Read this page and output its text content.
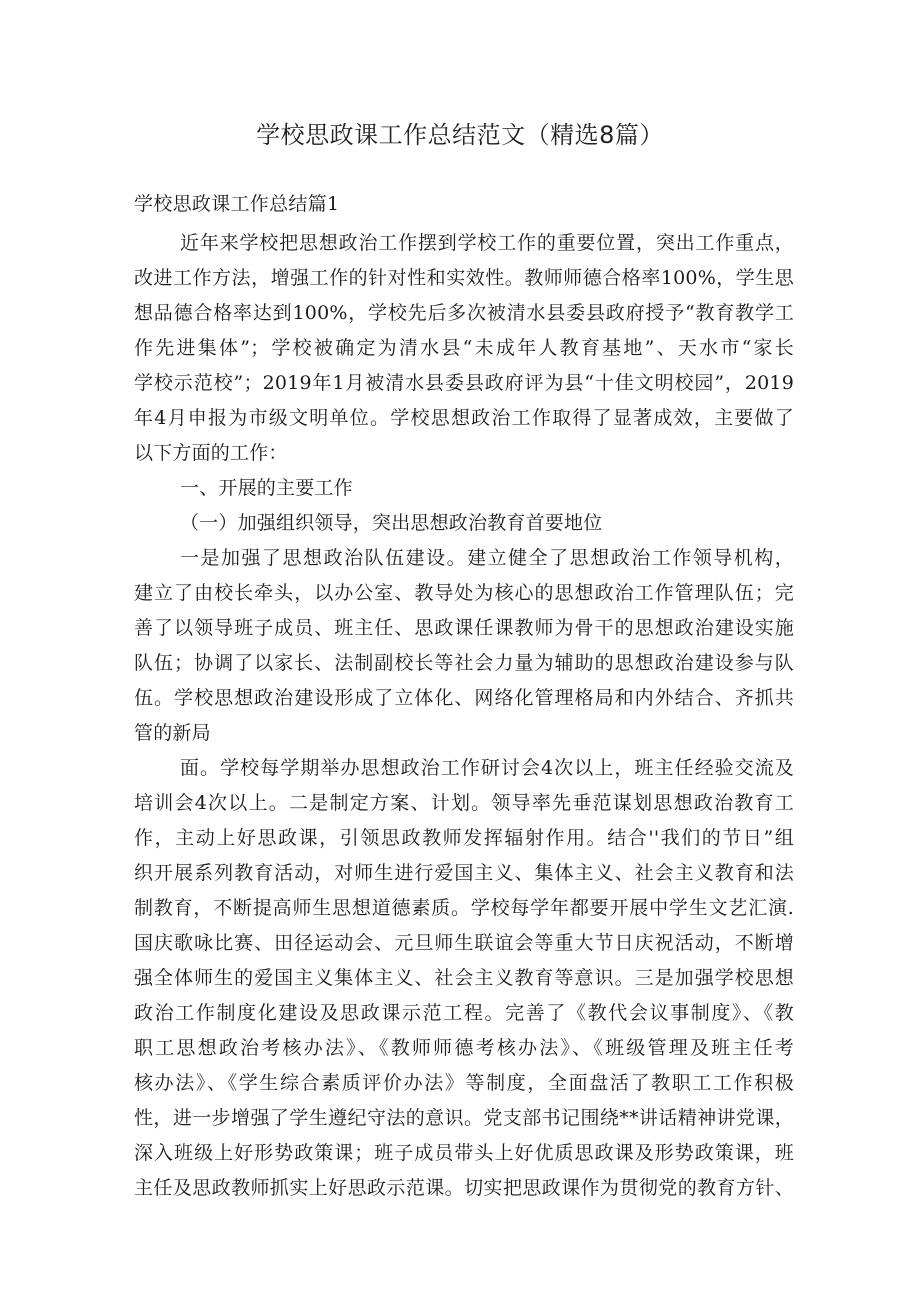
学校思政课工作总结范文（精选8篇）
学校思政课工作总结篇1
近年来学校把思想政治工作摆到学校工作的重要位置，突出工作重点，
改进工作方法，增强工作的针对性和实效性。教师师德合格率100%，学生思
想品德合格率达到100%，学校先后多次被清水县委县政府授予“教育教学工
作先进集体”；学校被确定为清水县“未成年人教育基地”、天水市“家长
学校示范校”；2019年1月被清水县委县政府评为县“十佳文明校园”，2019
年4月申报为市级文明单位。学校思想政治工作取得了显著成效，主要做了
以下方面的工作：
一、开展的主要工作
（一）加强组织领导，突出思想政治教育首要地位
一是加强了思想政治队伍建设。建立健全了思想政治工作领导机构，
建立了由校长牵头，以办公室、教导处为核心的思想政治工作管理队伍；完
善了以领导班子成员、班主任、思政课任课教师为骨干的思想政治建设实施
队伍；协调了以家长、法制副校长等社会力量为辅助的思想政治建设参与队
伍。学校思想政治建设形成了立体化、网络化管理格局和内外结合、齐抓共
管的新局
面。学校每学期举办思想政治工作研讨会4次以上，班主任经验交流及
培训会4次以上。二是制定方案、计划。领导率先垂范谋划思想政治教育工
作，主动上好思政课，引领思政教师发挥辐射作用。结合''我们的节日”组
织开展系列教育活动，对师生进行爱国主义、集体主义、社会主义教育和法
制教育，不断提高师生思想道德素质。学校每学年都要开展中学生文艺汇演.
国庆歌咏比赛、田径运动会、元旦师生联谊会等重大节日庆祝活动，不断增
强全体师生的爱国主义集体主义、社会主义教育等意识。三是加强学校思想
政治工作制度化建设及思政课示范工程。完善了《教代会议事制度》、《教
职工思想政治考核办法》、《教师师德考核办法》、《班级管理及班主任考
核办法》、《学生综合素质评价办法》等制度，全面盘活了教职工工作积极
性，进一步增强了学生遵纪守法的意识。党支部书记围绕**讲话精神讲党课，
深入班级上好形势政策课；班子成员带头上好优质思政课及形势政策课，班
主任及思政教师抓实上好思政示范课。切实把思政课作为贯彻党的教育方针、
